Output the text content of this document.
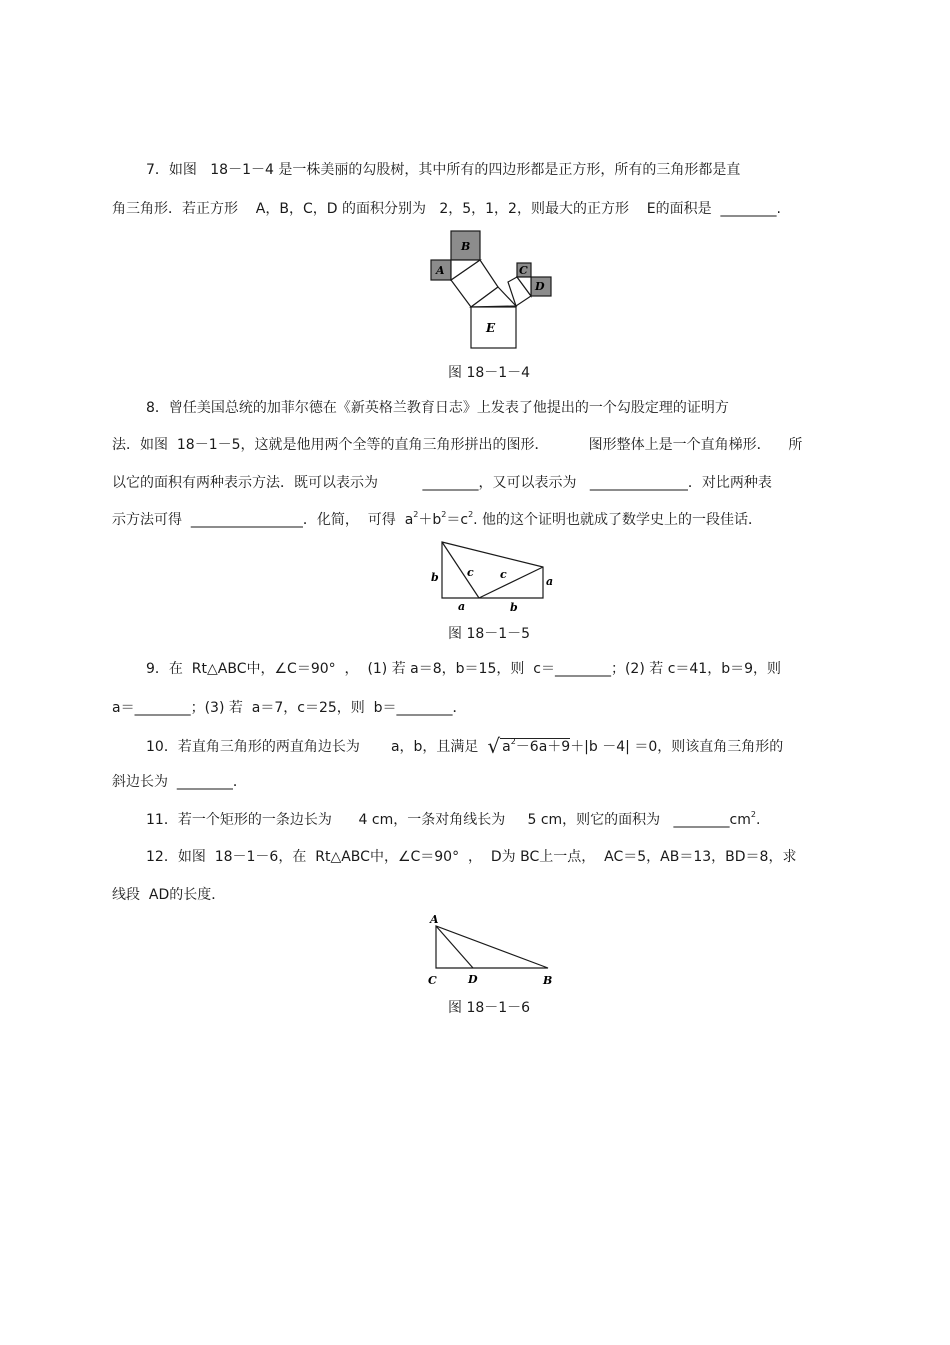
7．如图   18－1－4 是一株美丽的勾股树，其中所有的四边形都是正方形，所有的三角形都是直
角三角形．若正方形    A，B，C，D 的面积分别为   2，5，1，2，则最大的正方形    E的面积是  ________.
B
A	C
D
E
图 18－1－4
8．曾任美国总统的加菲尔德在《新英格兰教育日志》上发表了他提出的一个勾股定理的证明方
法．如图  18－1－5，这就是他用两个全等的直角三角形拼出的图形．         图形整体上是一个直角梯形．    所
以它的面积有两种表示方法．既可以表示为          ________，又可以表示为   ______________．对比两种表
示方法可得  ________________．化简，  可得  $a^2+b^2=c^2$. 他的这个证明也就成了数学史上的一段佳话．
b	c c
a
a	b
图 18－1－5
9．在  Rt△ABC中，∠C＝90°  ，  (1) 若 a＝8，b＝15，则  c＝________；(2) 若 c＝41，b＝9，则
a＝________；(3) 若  a＝7，c＝25，则  b＝________．
10．若直角三角形的两直角边长为       a，b，且满足  √ $a^2-6a+9+|b -4| =0$，则该直角三角形的
斜边长为  ________．
11．若一个矩形的一条边长为      4 cm，一条对角线长为     5 cm，则它的面积为   $\_\_\_\_\_\_\_\_cm^2$.
12．如图  18－1－6，在  Rt△ABC中，∠C＝90°  ，  D为 BC上一点，  AC＝5，AB＝13，BD＝8，求
线段  AD的长度．
A
C	D	B
图 18－1－6
